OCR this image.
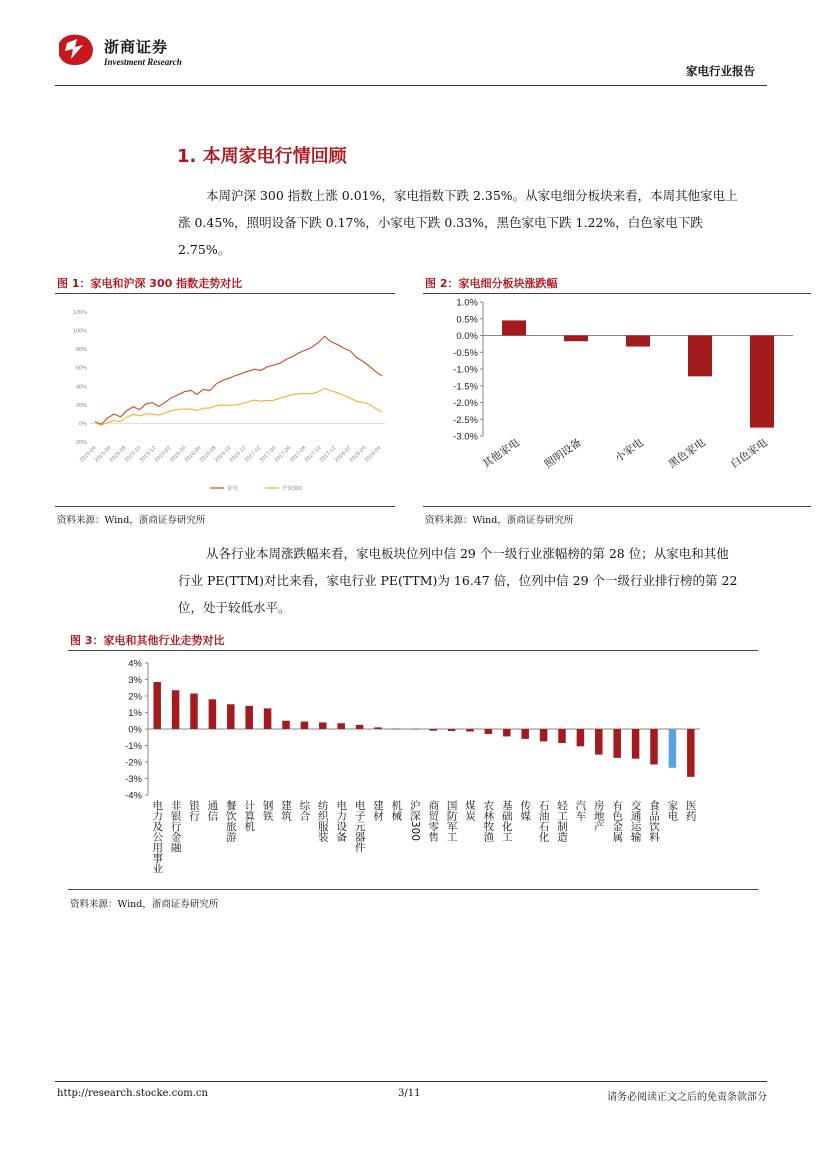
浙商证券
Investment Research
家电行业报告
1. 本周家电行情回顾
本周沪深 300 指数上涨 0.01%，家电指数下跌 2.35%。从家电细分板块来看，本周其他家电上涨 0.45%，照明设备下跌 0.17%，小家电下跌 0.33%，黑色家电下跌 1.22%，白色家电下跌 2.75%。
图 1：家电和沪深 300 指数走势对比
120%
100%
80%
60%
40%
20%
0%
-20%
2015-04
2015-06
2015-08
2015-10
2015-12
2016-02
2016-04
2016-06
2016-08
2016-10
2016-12
2017-02
2017-04
2017-06
2017-08
2017-10
2017-12
2018-02
2018-04
2018-06
家电	沪深300
资料来源：Wind，浙商证券研究所
图 2：家电细分板块涨跌幅
1.0%
0.5%
0.0%
-0.5%
-1.0%
-1.5%
-2.0%
-2.5%
-3.0% 其他家电 照明设备	小家电 黑色家电 白色家电
资料来源：Wind，浙商证券研究所
从各行业本周涨跌幅来看，家电板块位列中信 29 个一级行业涨幅榜的第 28 位；从家电和其他行业 PE(TTM)对比来看，家电行业 PE(TTM)为 16.47 倍，位列中信 29 个一级行业排行榜的第 22 位，处于较低水平。
图 3：家电和其他行业走势对比
4%
3%
2%
1%
0%
-1%
-2%
-3%
-4%
电力及公用事业 非银行金融 银行 通信 餐饮旅游 计算机 钢铁 建筑 综合 纺织服装 电力设备 电子元器件 建材 机械 沪深300 商贸零售 国防军工 煤炭 农林牧渔 基础化工 传媒 石油石化 轻工制造 汽车 房地产 有色金属 交通运输 食品饮料 家电 医药
资料来源：Wind，浙商证券研究所
http://research.stocke.com.cn	3/11	请务必阅读正文之后的免责条款部分
